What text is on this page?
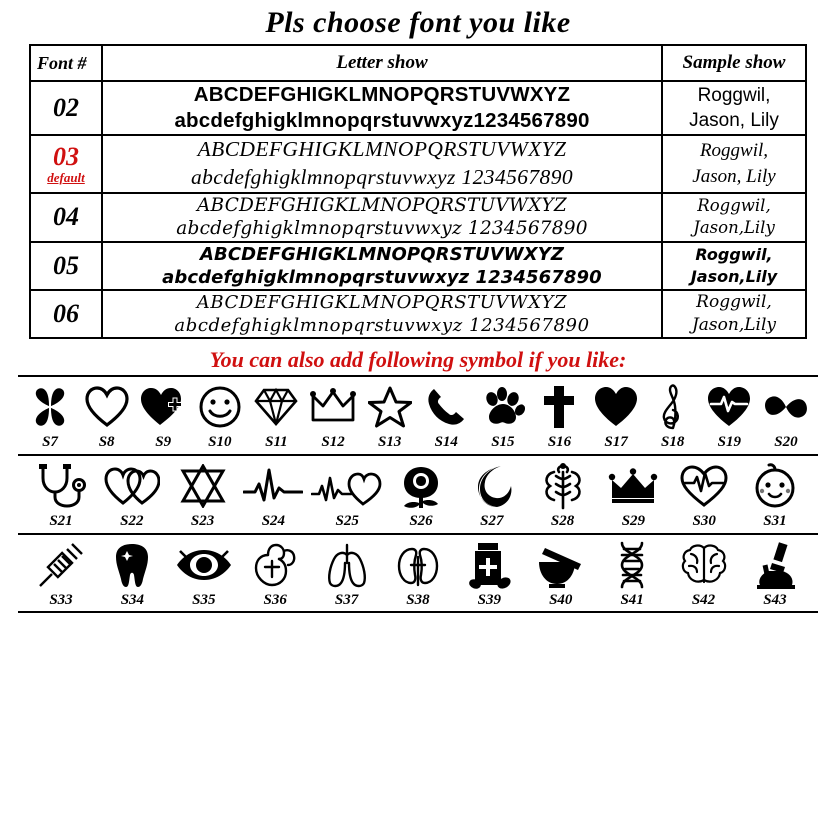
Pls choose font you like
Font #	Letter show	Sample show
02	ABCDEFGHIGKLMNOPQRSTUVWXYZ
abcdefghigklmnopqrstuvwxyz1234567890	Roggwil,
Jason, Lily

03
default	ABCDEFGHIGKLMNOPQRSTUVWXYZ
abcdefghigklmnopqrstuvwxyz 1234567890	Roggwil,
Jason, Lily

04	ABCDEFGHIGKLMNOPQRSTUVWXYZ
abcdefghigklmnopqrstuvwxyz 1234567890	Roggwil,
Jason,Lily

05	ABCDEFGHIGKLMNOPQRSTUVWXYZ
abcdefghigklmnopqrstuvwxyz 1234567890	Roggwil,
Jason,Lily

06	ABCDEFGHIGKLMNOPQRSTUVWXYZ
abcdefghigklmnopqrstuvwxyz 1234567890	Roggwil,
Jason,Lily
You can also add following symbol if you like:
S7	S8	S9	S10	S11	S12	S13	S14	S15	S16	S17	S18	S19	S20
S21	S22	S23	S24	S25	S26	S27	S28	S29	S30	S31
S33	S34	S35	S36	S37	S38	S39	S40	S41	S42	S43
